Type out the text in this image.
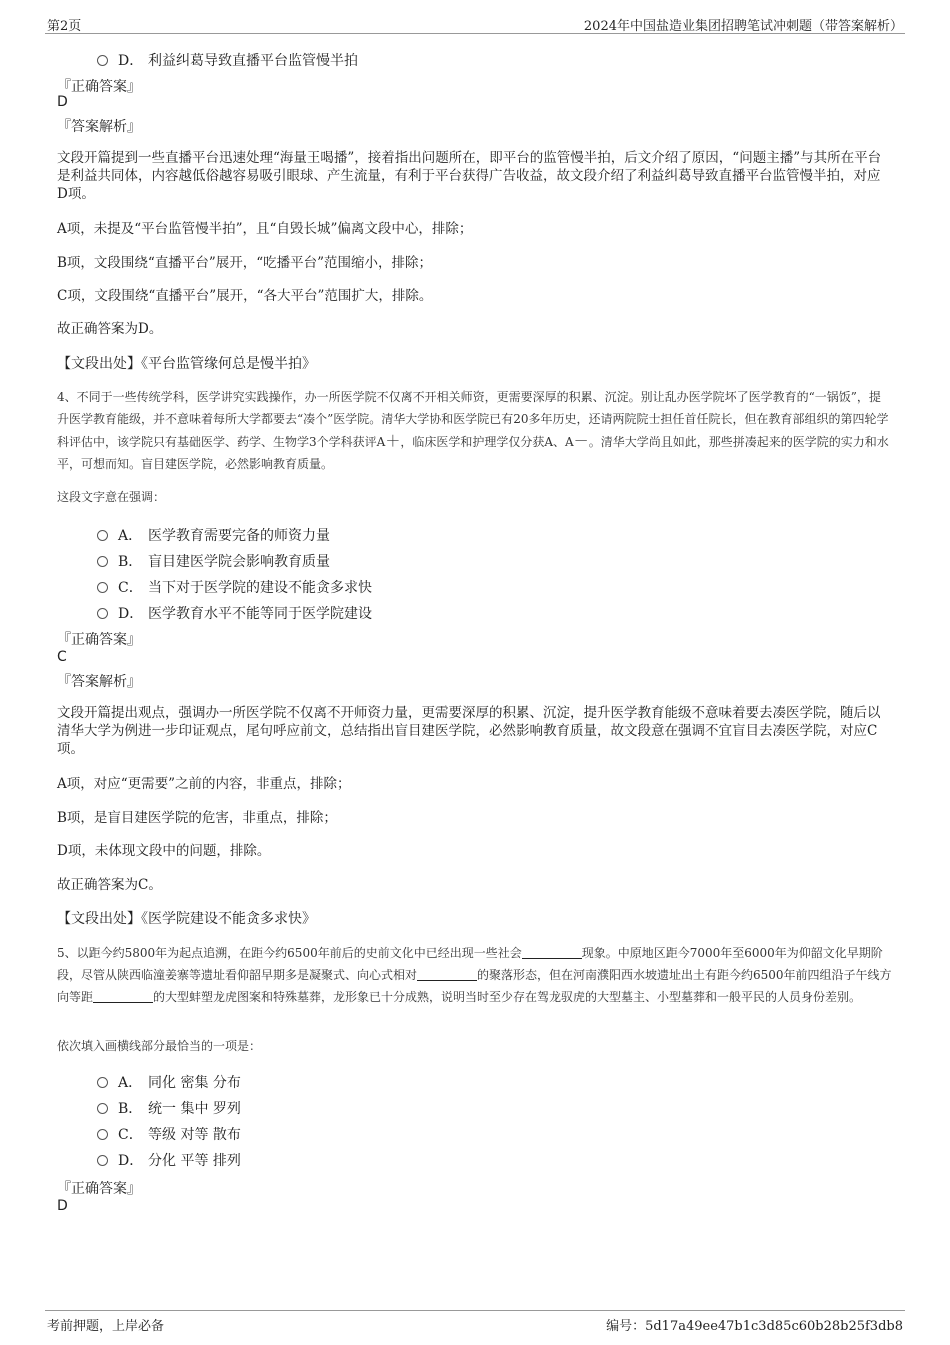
第2页	2024年中国盐造业集团招聘笔试冲刺题（带答案解析）
D． 利益纠葛导致直播平台监管慢半拍
『正确答案』
D
『答案解析』
文段开篇提到一些直播平台迅速处理“海量王喝播”，接着指出问题所在，即平台的监管慢半拍，后文介绍了原因，“问题主播”与其所在平台是利益共同体，内容越低俗越容易吸引眼球、产生流量，有利于平台获得广告收益，故文段介绍了利益纠葛导致直播平台监管慢半拍，对应D项。
A项，未提及“平台监管慢半拍”，且“自毁长城”偏离文段中心，排除；
B项，文段围绕“直播平台”展开，“吃播平台”范围缩小，排除；
C项，文段围绕“直播平台”展开，“各大平台”范围扩大，排除。
故正确答案为D。
【文段出处】《平台监管缘何总是慢半拍》
4、不同于一些传统学科，医学讲究实践操作，办一所医学院不仅离不开相关师资，更需要深厚的积累、沉淀。别让乱办医学院坏了医学教育的“一锅饭”，提升医学教育能级，并不意味着每所大学都要去“凑个”医学院。清华大学协和医学院已有20多年历史，还请两院院士担任首任院长，但在教育部组织的第四轮学科评估中，该学院只有基础医学、药学、生物学3个学科获评A＋，临床医学和护理学仅分获A、A－。清华大学尚且如此，那些拼凑起来的医学院的实力和水平，可想而知。盲目建医学院，必然影响教育质量。
这段文字意在强调：
A． 医学教育需要完备的师资力量
B． 盲目建医学院会影响教育质量
C． 当下对于医学院的建设不能贪多求快
D． 医学教育水平不能等同于医学院建设
『正确答案』
C
『答案解析』
文段开篇提出观点，强调办一所医学院不仅离不开师资力量，更需要深厚的积累、沉淀，提升医学教育能级不意味着要去凑医学院，随后以清华大学为例进一步印证观点，尾句呼应前文，总结指出盲目建医学院，必然影响教育质量，故文段意在强调不宜盲目去凑医学院，对应C项。
A项，对应“更需要”之前的内容，非重点，排除；
B项，是盲目建医学院的危害，非重点，排除；
D项，未体现文段中的问题，排除。
故正确答案为C。
【文段出处】《医学院建设不能贪多求快》
5、以距今约5800年为起点追溯，在距今约6500年前后的史前文化中已经出现一些社会	现象。中原地区距今7000年至6000年为仰韶文化早期阶段，尽管从陕西临潼姜寨等遗址看仰韶早期多是凝聚式、向心式相对	的聚落形态，但在河南濮阳西水坡遗址出土有距今约6500年前四组沿子午线方向等距	的大型蚌塑龙虎图案和特殊墓葬，龙形象已十分成熟，说明当时至少存在驾龙驭虎的大型墓主、小型墓葬和一般平民的人员身份差别。
依次填入画横线部分最恰当的一项是：
A． 同化 密集 分布
B． 统一 集中 罗列
C． 等级 对等 散布
D． 分化 平等 排列
『正确答案』
D
考前押题，上岸必备	编号：5d17a49ee47b1c3d85c60b28b25f3db8
